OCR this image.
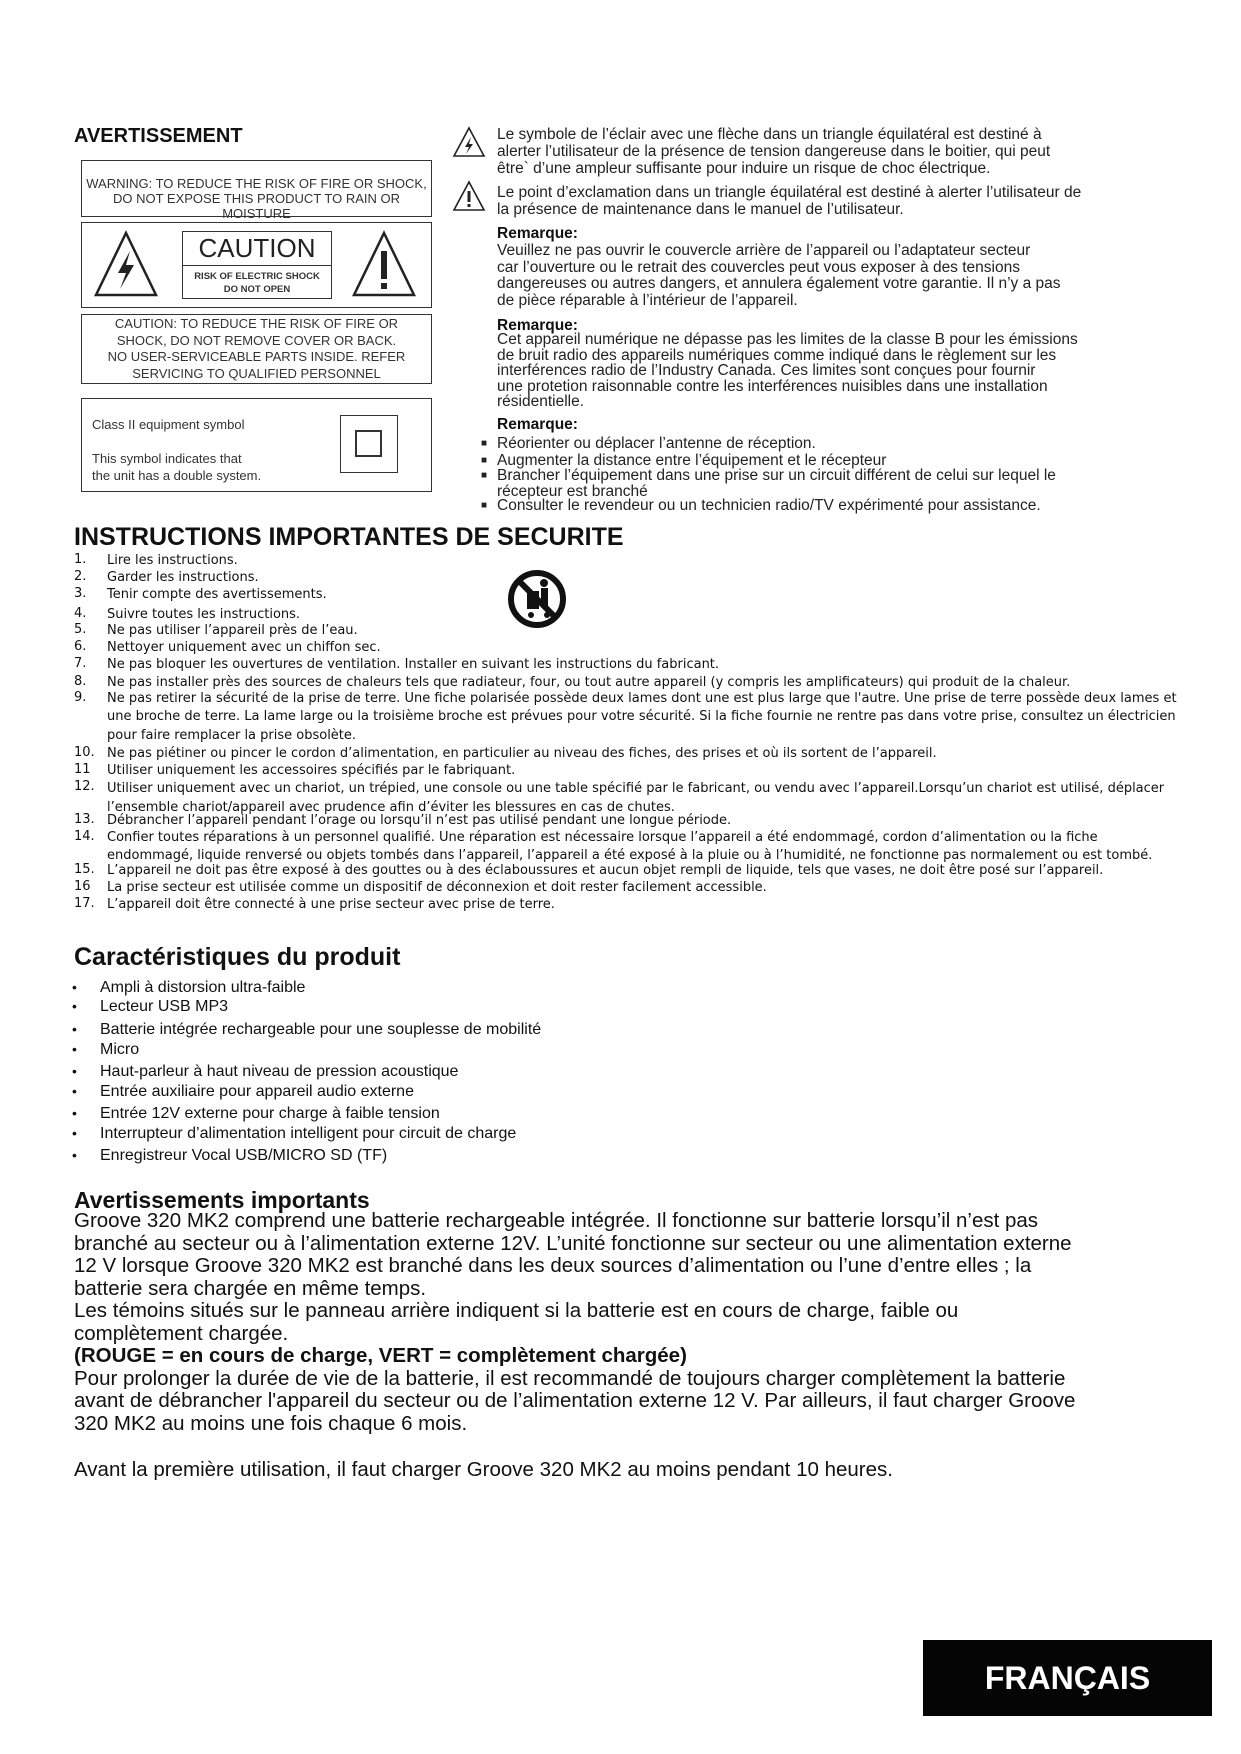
AVERTISSEMENT
WARNING: TO REDUCE THE RISK OF FIRE OR SHOCK,
DO NOT EXPOSE THIS PRODUCT TO RAIN OR MOISTURE
CAUTION
RISK OF ELECTRIC SHOCK
DO NOT OPEN
CAUTION: TO REDUCE THE RISK OF FIRE OR
SHOCK, DO NOT REMOVE COVER OR BACK.
NO USER-SERVICEABLE PARTS INSIDE. REFER
SERVICING TO QUALIFIED PERSONNEL
Class II equipment symbol
This symbol indicates that
the unit has a double system.
Le symbole de l’éclair avec une flèche dans un triangle équilatéral est destiné à
alerter l’utilisateur de la présence de tension dangereuse dans le boitier, qui peut
être` d’une ampleur suffisante pour induire un risque de choc électrique.
Le point d’exclamation dans un triangle équilatéral est destiné à alerter l’utilisateur de
la présence de maintenance dans le manuel de l’utilisateur.
Remarque:
Veuillez ne pas ouvrir le couvercle arrière de l’appareil ou l’adaptateur secteur
car l’ouverture ou le retrait des couvercles peut vous exposer à des tensions
dangereuses ou autres dangers, et annulera également votre garantie. Il n’y a pas
de pièce réparable à l’intérieur de l’appareil.
Remarque:
Cet appareil numérique ne dépasse pas les limites de la classe B pour les émissions
de bruit radio des appareils numériques comme indiqué dans le règlement sur les
interférences radio de l’Industry Canada. Ces limites sont conçues pour fournir
une protetion raisonnable contre les interférences nuisibles dans une installation
résidentielle.
Remarque:
■ Réorienter ou déplacer l’antenne de réception.
■ Augmenter la distance entre l’équipement et le récepteur
■ Brancher l’équipement dans une prise sur un circuit différent de celui sur lequel le
récepteur est branché
■ Consulter le revendeur ou un technicien radio/TV expérimenté pour assistance.
INSTRUCTIONS IMPORTANTES DE SECURITE
1. Lire les instructions.
2. Garder les instructions.
3. Tenir compte des avertissements.
4. Suivre toutes les instructions.
5. Ne pas utiliser l’appareil près de l’eau.
6. Nettoyer uniquement avec un chiffon sec.
7. Ne pas bloquer les ouvertures de ventilation. Installer en suivant les instructions du fabricant.
8. Ne pas installer près des sources de chaleurs tels que radiateur, four, ou tout autre appareil (y compris les amplificateurs) qui produit de la chaleur.
9. Ne pas retirer la sécurité de la prise de terre. Une fiche polarisée possède deux lames dont une est plus large que l'autre. Une prise de terre possède deux lames et
une broche de terre. La lame large ou la troisième broche est prévues pour votre sécurité. Si la fiche fournie ne rentre pas dans votre prise, consultez un électricien
pour faire remplacer la prise obsolète.
10. Ne pas piétiner ou pincer le cordon d’alimentation, en particulier au niveau des fiches, des prises et où ils sortent de l’appareil.
11 Utiliser uniquement les accessoires spécifiés par le fabriquant.
12. Utiliser uniquement avec un chariot, un trépied, une console ou une table spécifié par le fabricant, ou vendu avec l’appareil.Lorsqu’un chariot est utilisé, déplacer
l’ensemble chariot/appareil avec prudence afin d’éviter les blessures en cas de chutes.
13. Débrancher l’appareil pendant l’orage ou lorsqu’il n’est pas utilisé pendant une longue période.
14. Confier toutes réparations à un personnel qualifié. Une réparation est nécessaire lorsque l’appareil a été endommagé, cordon d’alimentation ou la fiche
endommagé, liquide renversé ou objets tombés dans l’appareil, l’appareil a été exposé à la pluie ou à l’humidité, ne fonctionne pas normalement ou est tombé.
15. L’appareil ne doit pas être exposé à des gouttes ou à des éclaboussures et aucun objet rempli de liquide, tels que vases, ne doit être posé sur l’appareil.
16 La prise secteur est utilisée comme un dispositif de déconnexion et doit rester facilement accessible.
17. L’appareil doit être connecté à une prise secteur avec prise de terre.
Caractéristiques du produit
• Ampli à distorsion ultra-faible
• Lecteur USB MP3
• Batterie intégrée rechargeable pour une souplesse de mobilité
• Micro
• Haut-parleur à haut niveau de pression acoustique
• Entrée auxiliaire pour appareil audio externe
• Entrée 12V externe pour charge à faible tension
• Interrupteur d’alimentation intelligent pour circuit de charge
• Enregistreur Vocal USB/MICRO SD (TF)
Avertissements importants
Groove 320 MK2 comprend une batterie rechargeable intégrée. Il fonctionne sur batterie lorsqu’il n’est pas
branché au secteur ou à l’alimentation externe 12V. L’unité fonctionne sur secteur ou une alimentation externe
12 V lorsque Groove 320 MK2 est branché dans les deux sources d’alimentation ou l’une d’entre elles ; la
batterie sera chargée en même temps.
Les témoins situés sur le panneau arrière indiquent si la batterie est en cours de charge, faible ou
complètement chargée.
(ROUGE = en cours de charge, VERT = complètement chargée)
Pour prolonger la durée de vie de la batterie, il est recommandé de toujours charger complètement la batterie
avant de débrancher l'appareil du secteur ou de l’alimentation externe 12 V. Par ailleurs, il faut charger Groove
320 MK2 au moins une fois chaque 6 mois.
Avant la première utilisation, il faut charger Groove 320 MK2 au moins pendant 10 heures.
FRANÇAIS
